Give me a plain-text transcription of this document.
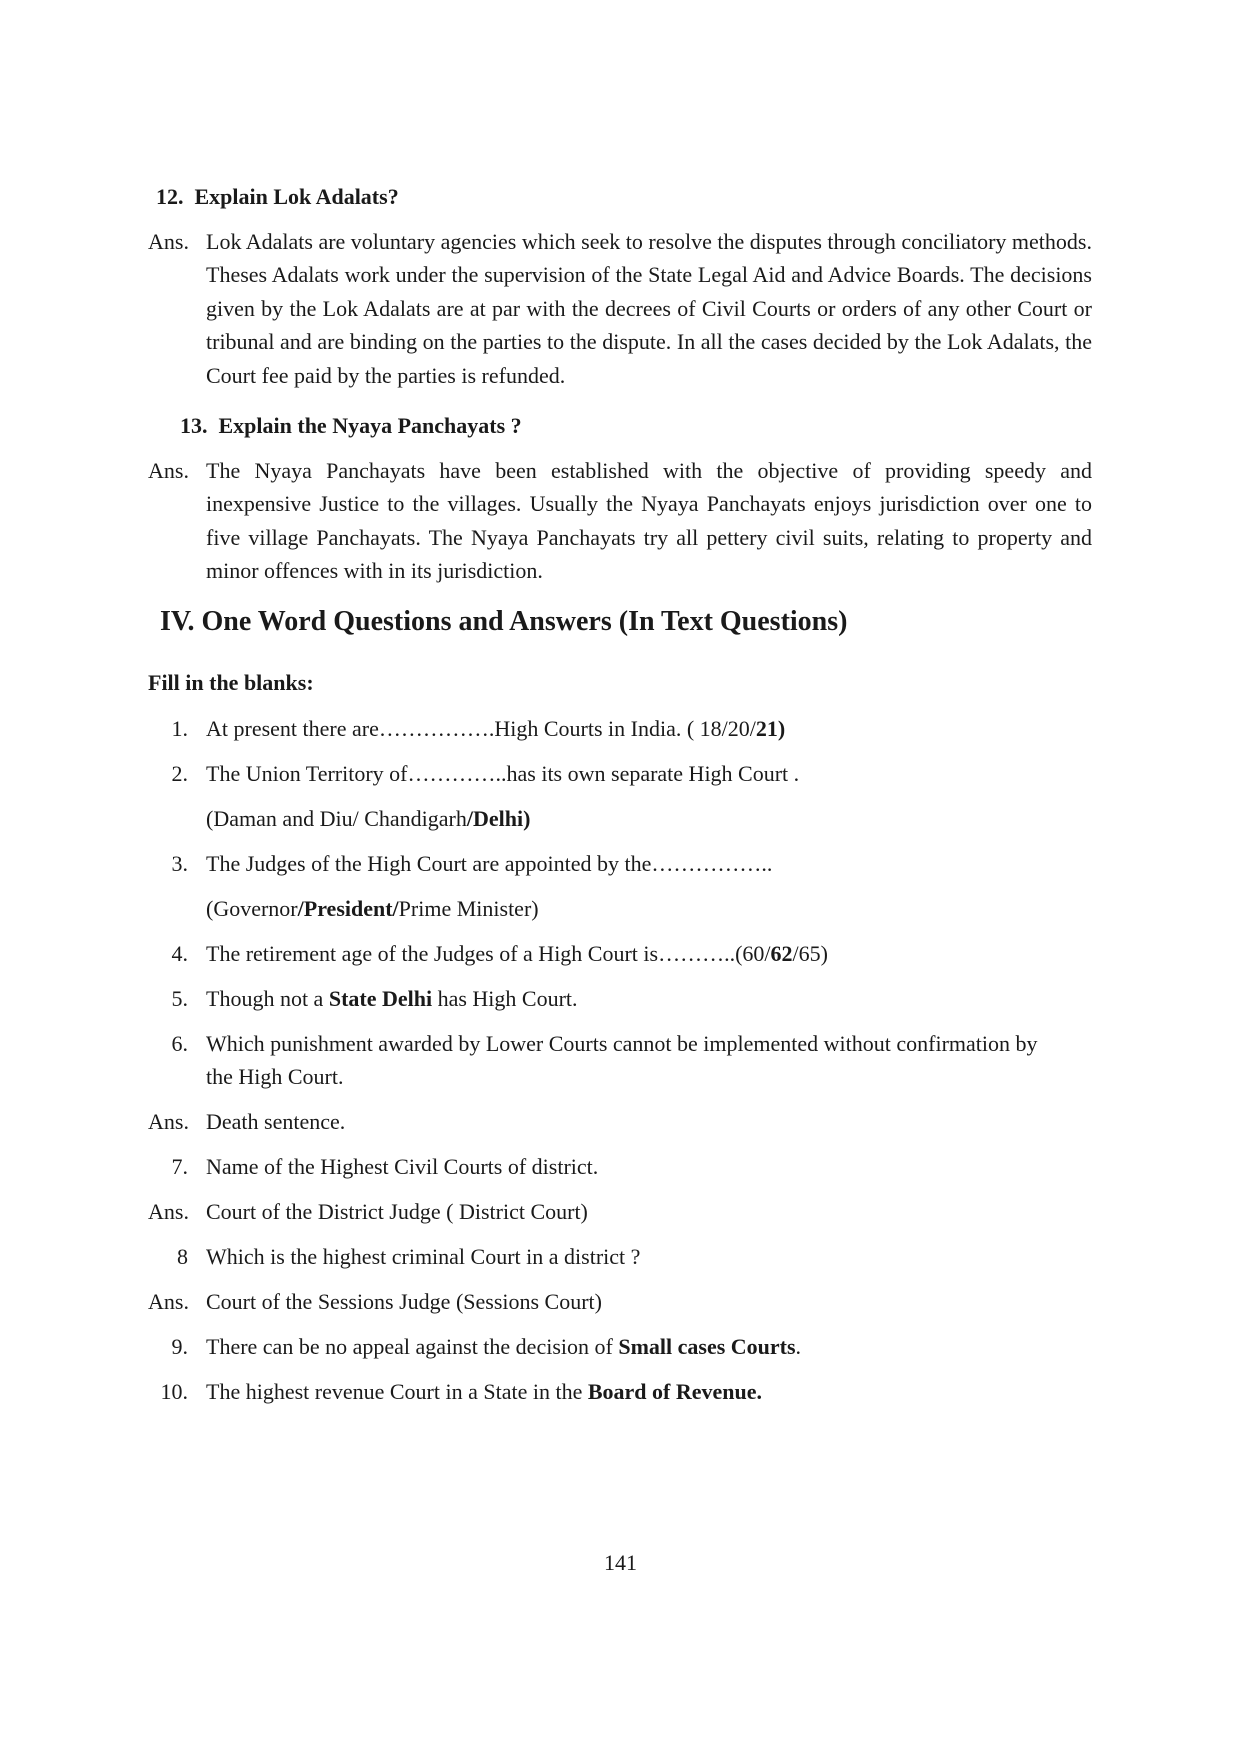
12. Explain Lok Adalats?
Ans. Lok Adalats are voluntary agencies which seek to resolve the disputes through conciliatory methods. Theses Adalats work under the supervision of the State Legal Aid and Advice Boards. The decisions given by the Lok Adalats are at par with the decrees of Civil Courts or orders of any other Court or tribunal and are binding on the parties to the dispute. In all the cases decided by the Lok Adalats, the Court fee paid by the parties is refunded.
13. Explain the Nyaya Panchayats ?
Ans. The Nyaya Panchayats have been established with the objective of providing speedy and inexpensive Justice to the villages. Usually the Nyaya Panchayats enjoys jurisdiction over one to five village Panchayats. The Nyaya Panchayats try all pettery civil suits, relating to property and minor offences with in its jurisdiction.
IV. One Word Questions and Answers (In Text Questions)
Fill in the blanks:
1. At present there are…………….High Courts in India. ( 18/20/21)
2. The Union Territory of…………..has its own separate High Court .
(Daman and Diu/ Chandigarh/Delhi)
3. The Judges of the High Court are appointed by the……………..
(Governor/President/Prime Minister)
4. The retirement age of the Judges of a High Court is………..(60/62/65)
5. Though not a State Delhi has High Court.
6. Which punishment awarded by Lower Courts cannot be implemented without confirmation by
the High Court.
Ans. Death sentence.
7. Name of the Highest Civil Courts of district.
Ans. Court of the District Judge ( District Court)
8 Which is the highest criminal Court in a district ?
Ans. Court of the Sessions Judge (Sessions Court)
9. There can be no appeal against the decision of Small cases Courts.
10. The highest revenue Court in a State in the Board of Revenue.
141
